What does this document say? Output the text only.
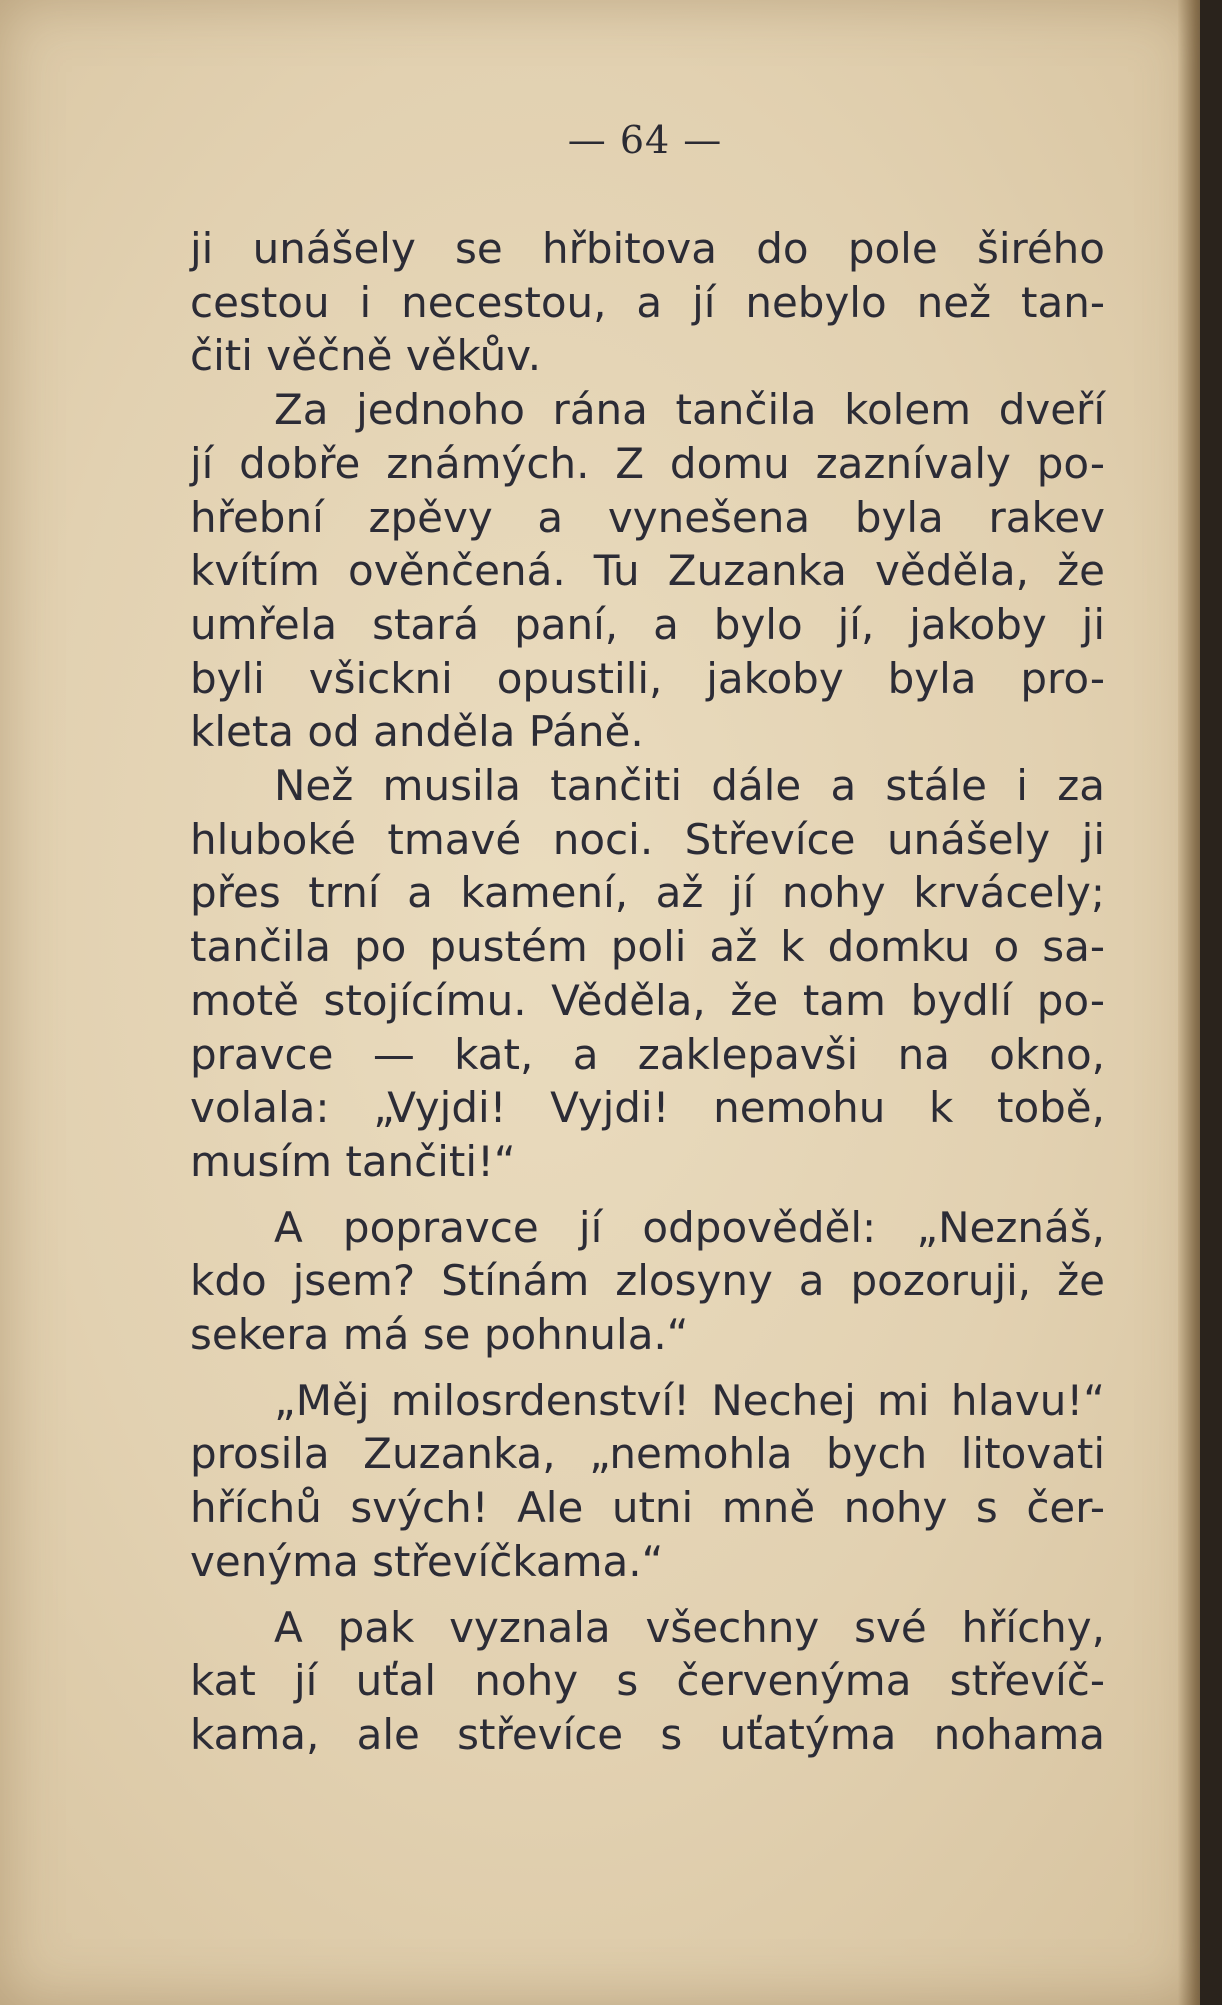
— 64 —
ji unášely se hřbitova do pole širého
cestou i necestou, a jí nebylo než tan-
čiti věčně věkův.
Za jednoho rána tančila kolem dveří
jí dobře známých. Z domu zaznívaly po-
hřební zpěvy a vynešena byla rakev
kvítím ověnčená. Tu Zuzanka věděla, že
umřela stará paní, a bylo jí, jakoby ji
byli všickni opustili, jakoby byla pro-
kleta od anděla Páně.
Než musila tančiti dále a stále i za
hluboké tmavé noci. Střevíce unášely ji
přes trní a kamení, až jí nohy krvácely;
tančila po pustém poli až k domku o sa-
motě stojícímu. Věděla, že tam bydlí po-
pravce — kat, a zaklepavši na okno,
volala: „Vyjdi! Vyjdi! nemohu k tobě,
musím tančiti!“
A popravce jí odpověděl: „Neznáš,
kdo jsem? Stínám zlosyny a pozoruji, že
sekera má se pohnula.“
„Měj milosrdenství! Nechej mi hlavu!“
prosila Zuzanka, „nemohla bych litovati
hříchů svých! Ale utni mně nohy s čer-
venýma střevíčkama.“
A pak vyznala všechny své hříchy,
kat jí uťal nohy s červenýma střevíč-
kama, ale střevíce s uťatýma nohama
